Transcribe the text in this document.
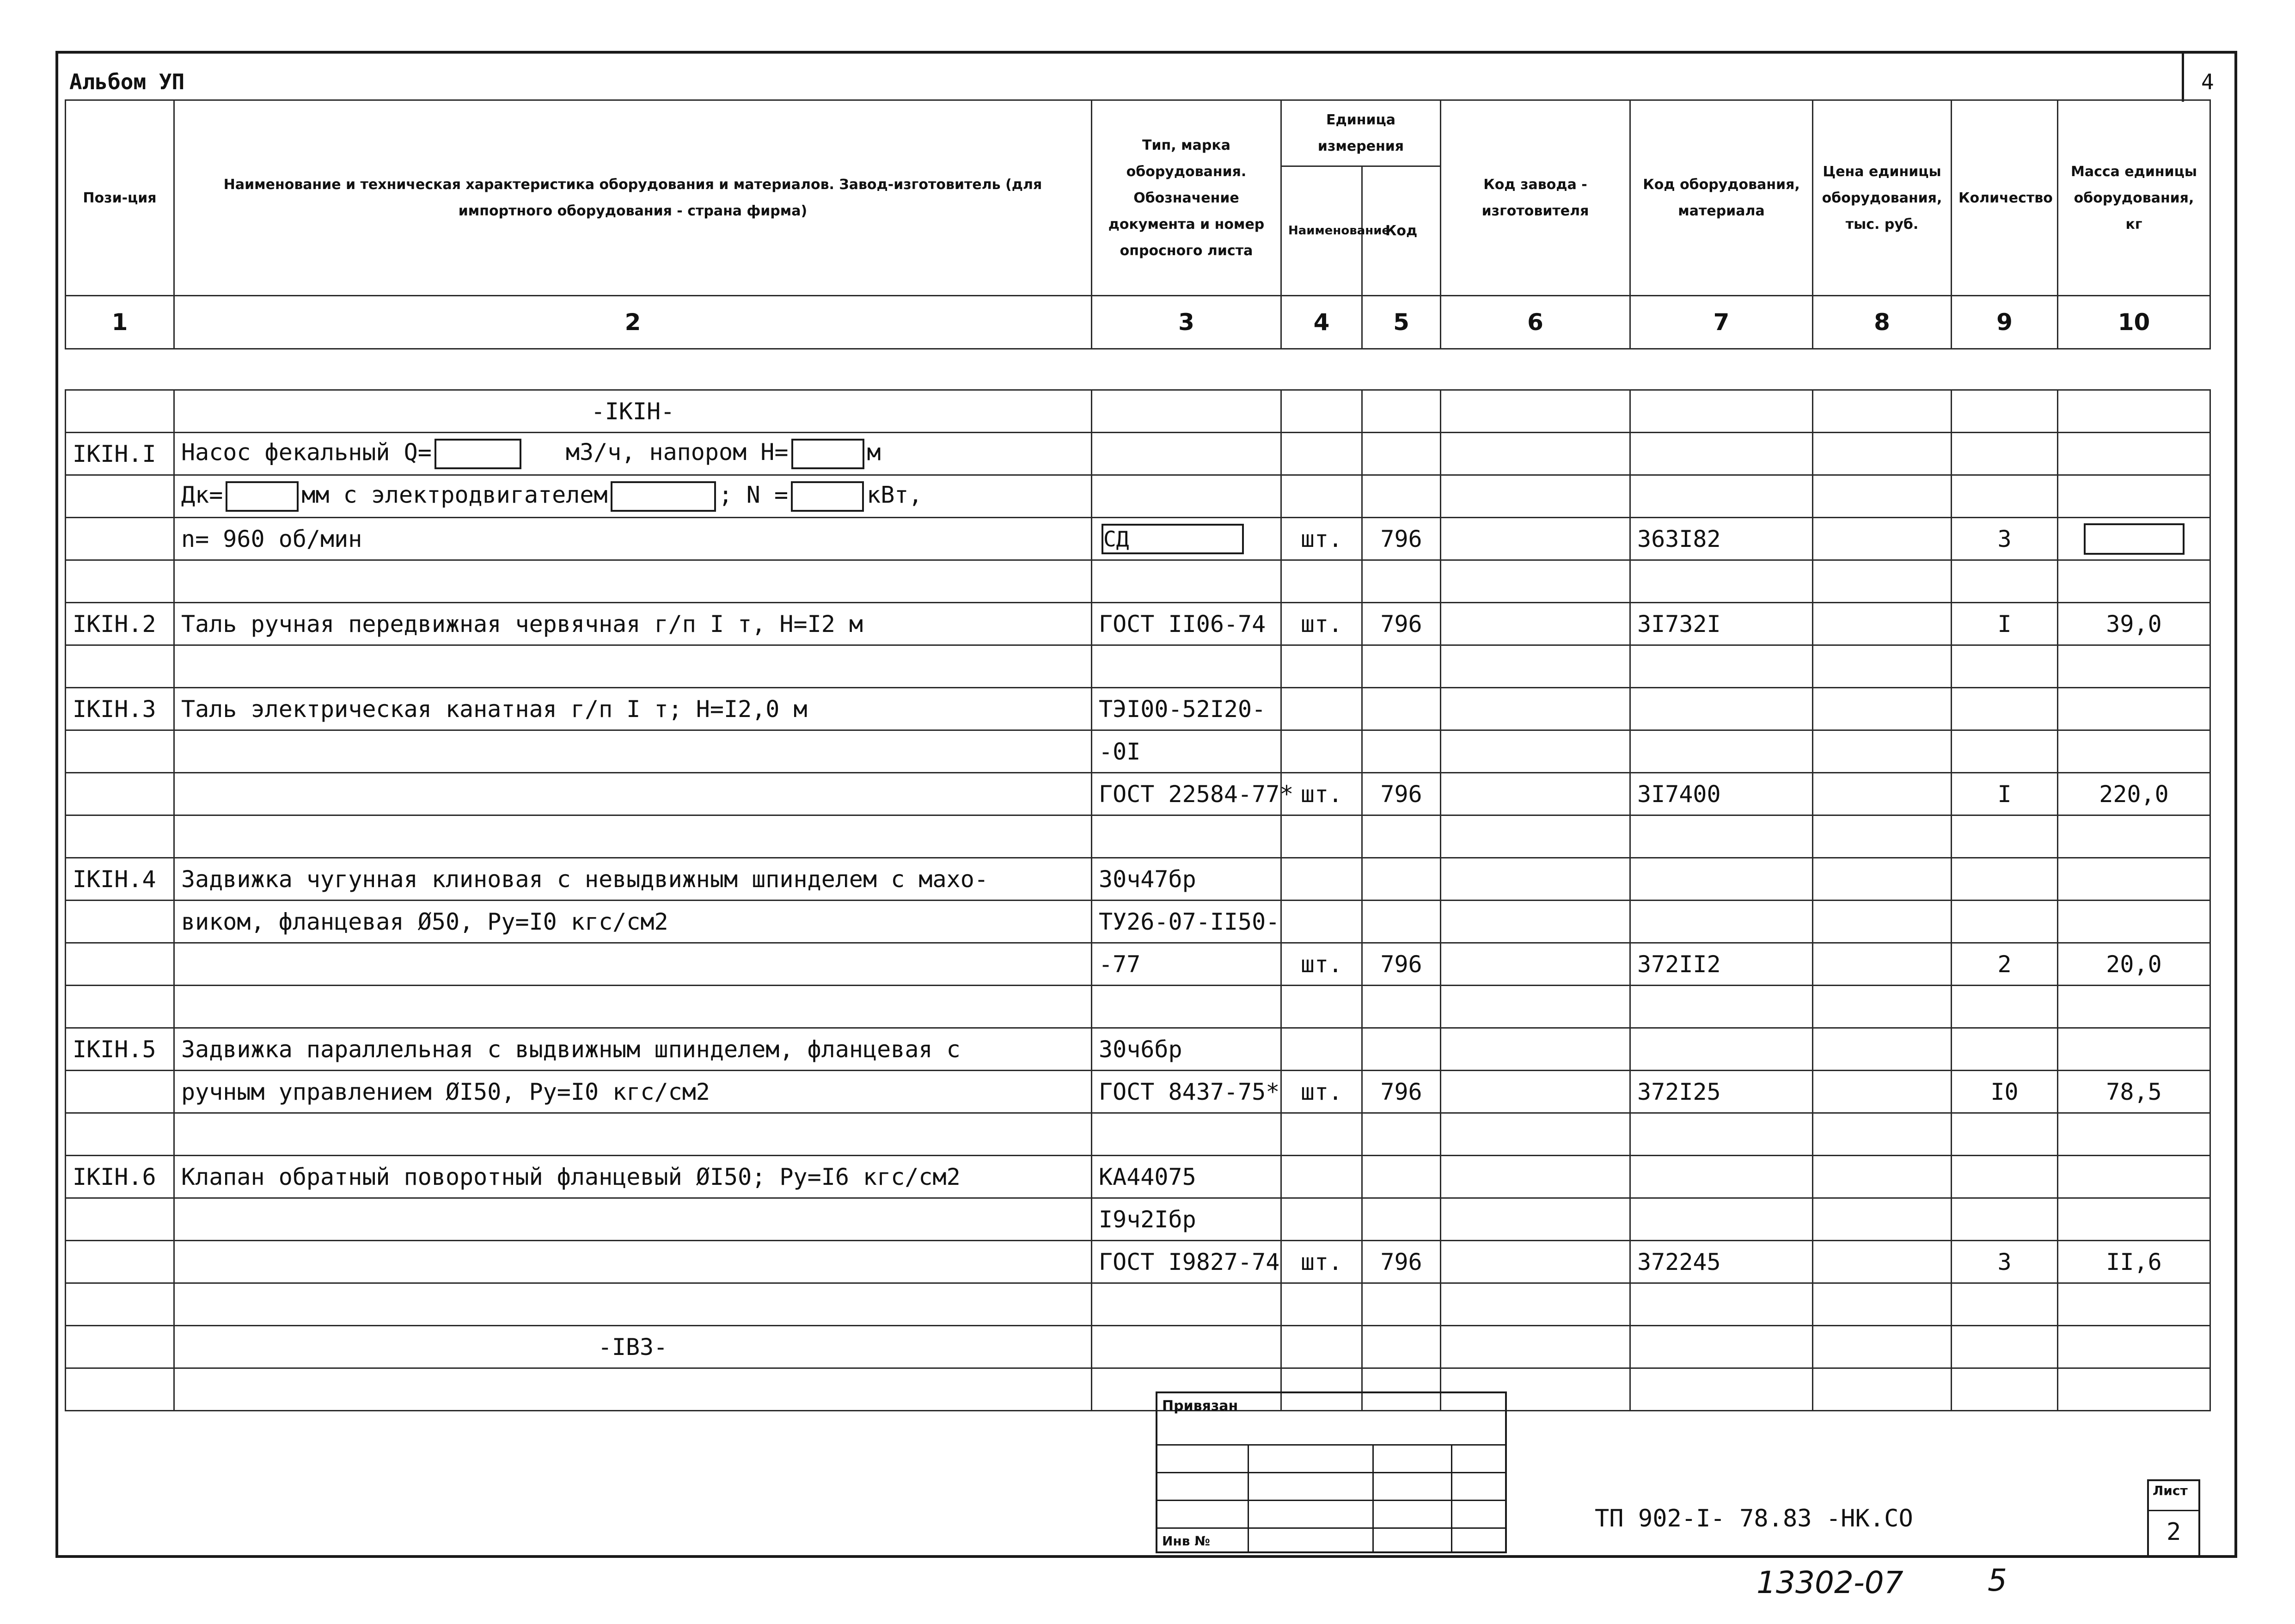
Альбом УП	4
Пози-ция	Наименование и техническая характеристика оборудования и материалов. Завод-изготовитель (для импортного оборудования - страна фирма)	Тип, марка оборудования. Обозначение документа и номер опросного листа	Единица измерения		Код завода - изготовителя	Код оборудования, материала	Цена единицы оборудования, тыс. руб.	Количество	Масса единицы оборудования, кг
			Наименование	Код					
1	2	3	4	5	6	7	8	9	10

	-IKIH-								
IKIH.I	Насос фекальный Q= м3/ч, напором H= м								
	Дк= мм с электродвигателем ; N = кВт,								
	n= 960 об/мин	СД	шт.	796		363I82		3	

IKIH.2	Таль ручная передвижная червячная г/п I т, H=I2 м	ГОСТ II06-74	шт.	796		3I732I		I	39,0

IKIH.3	Таль электрическая канатная г/п I т; H=I2,0 м	ТЭI00-52I20-							
		-0I							
		ГОСТ 22584-77*	шт.	796		3I7400		I	220,0

IKIH.4	Задвижка чугунная клиновая с невыдвижным шпинделем с махо-	30ч47бр							
	виком, фланцевая Ø50, Ру=I0 кгс/см2	ТУ26-07-II50-							
		-77	шт.	796		372II2		2	20,0

IKIH.5	Задвижка параллельная с выдвижным шпинделем, фланцевая с	30ч6бр							
	ручным управлением ØI50, Ру=I0 кгс/см2	ГОСТ 8437-75*	шт.	796		372I25		I0	78,5

IKIH.6	Клапан обратный поворотный фланцевый ØI50; Ру=I6 кгс/см2	КА44075							
		I9ч2Iбр							
		ГОСТ I9827-74	шт.	796		372245		3	II,6

	-IB3-								

Привязан
Инв №
ТП 902-I- 78.83 -НК.СО
Лист
2
13302-07	5
